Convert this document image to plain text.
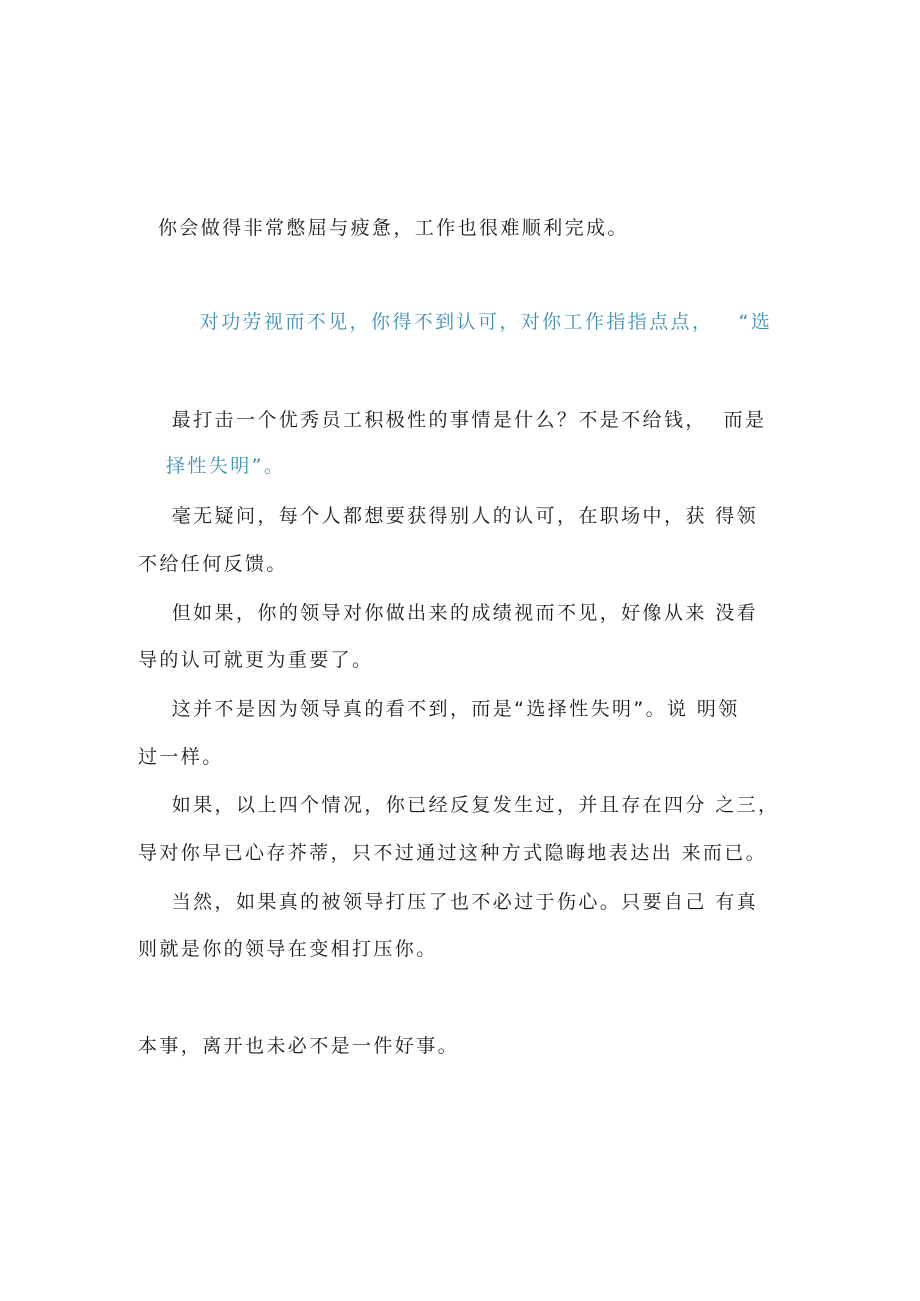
你会做得非常憋屈与疲惫，工作也很难顺利完成。

对功劳视而不见，你得不到认可，对你工作指指点点，   “选

择性失明”。

最打击一个优秀员工积极性的事情是什么？不是不给钱，  而是

不给任何反馈。

毫无疑问，每个人都想要获得别人的认可，在职场中，获 得领

导的认可就更为重要了。

但如果，你的领导对你做出来的成绩视而不见，好像从来 没看

过一样。

这并不是因为领导真的看不到，而是“选择性失明”。说 明领

导对你早已心存芥蒂，只不过通过这种方式隐晦地表达出 来而已。

如果，以上四个情况，你已经反复发生过，并且存在四分 之三，

则就是你的领导在变相打压你。

当然，如果真的被领导打压了也不必过于伤心。只要自己 有真

本事，离开也未必不是一件好事。
